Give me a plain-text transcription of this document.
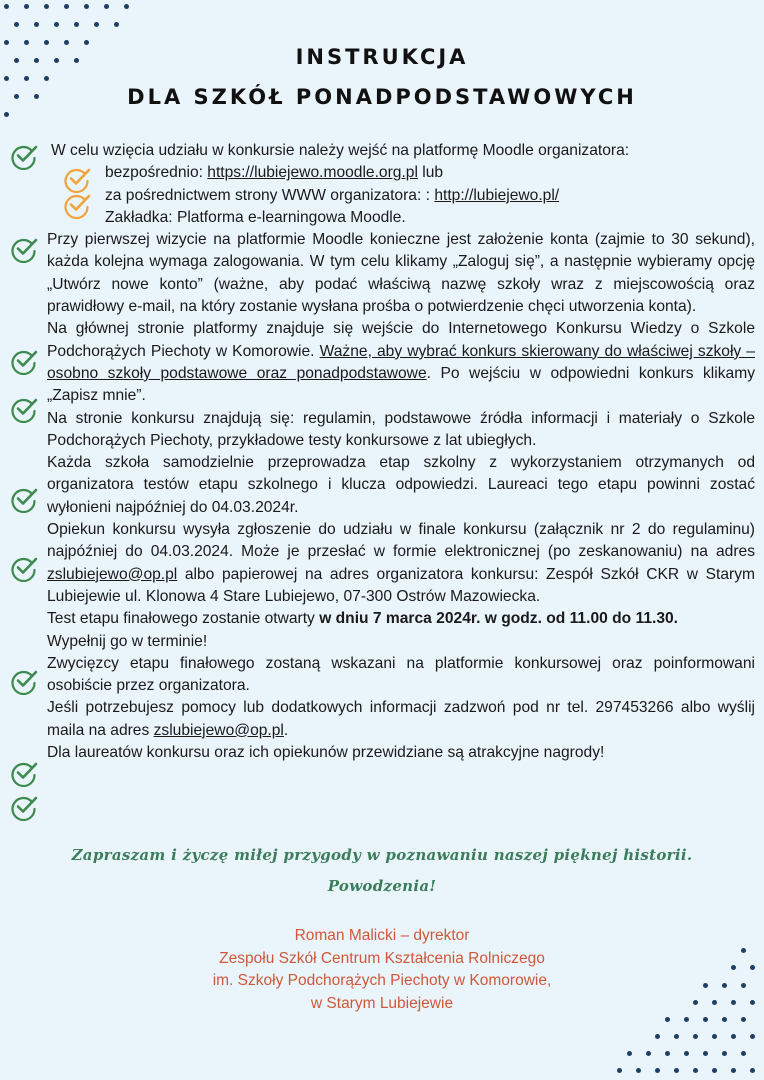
INSTRUKCJA
DLA SZKÓŁ PONADPODSTAWOWYCH

W celu wzięcia udziału w konkursie należy wejść na platformę Moodle organizatora:

bezpośrednio: https://lubiejewo.moodle.org.pl lub

za pośrednictwem strony WWW organizatora: : http://lubiejewo.pl/

Zakładka: Platforma e-learningowa Moodle.

Przy pierwszej wizycie na platformie Moodle konieczne jest założenie konta (zajmie to 30 sekund), każda kolejna wymaga zalogowania. W tym celu klikamy „Zaloguj się”, a następnie wybieramy opcję „Utwórz nowe konto” (ważne, aby podać właściwą nazwę szkoły wraz z miejscowością oraz prawidłowy e-mail, na który zostanie wysłana prośba o potwierdzenie chęci utworzenia konta).

Na głównej stronie platformy znajduje się wejście do Internetowego Konkursu Wiedzy o Szkole Podchorążych Piechoty w Komorowie. Ważne, aby wybrać konkurs skierowany do właściwej szkoły – osobno szkoły podstawowe oraz ponadpodstawowe. Po wejściu w odpowiedni konkurs klikamy „Zapisz mnie”.

Na stronie konkursu znajdują się: regulamin, podstawowe źródła informacji i materiały o Szkole Podchorążych Piechoty, przykładowe testy konkursowe z lat ubiegłych.

Każda szkoła samodzielnie przeprowadza etap szkolny z wykorzystaniem otrzymanych od organizatora testów etapu szkolnego i klucza odpowiedzi. Laureaci tego etapu powinni zostać wyłonieni najpóźniej do 04.03.2024r.

Opiekun konkursu wysyła zgłoszenie do udziału w finale konkursu (załącznik nr 2 do regulaminu) najpóźniej do 04.03.2024. Może je przesłać w formie elektronicznej (po zeskanowaniu) na adres zslubiejewo@op.pl albo papierowej na adres organizatora konkursu: Zespół Szkół CKR w Starym Lubiejewie ul. Klonowa 4 Stare Lubiejewo, 07-300 Ostrów Mazowiecka.

Test etapu finałowego zostanie otwarty w dniu 7 marca 2024r. w godz. od 11.00 do 11.30.
Wypełnij go w terminie!

Zwycięzcy etapu finałowego zostaną wskazani na platformie konkursowej oraz poinformowani osobiście przez organizatora.

Jeśli potrzebujesz pomocy lub dodatkowych informacji zadzwoń pod nr tel. 297453266 albo wyślij maila na adres zslubiejewo@op.pl.

Dla laureatów konkursu oraz ich opiekunów przewidziane są atrakcyjne nagrody!

Zapraszam i życzę miłej przygody w poznawaniu naszej pięknej historii.
Powodzenia!
Roman Malicki – dyrektor
Zespołu Szkół Centrum Kształcenia Rolniczego
im. Szkoły Podchorążych Piechoty w Komorowie,
w Starym Lubiejewie
